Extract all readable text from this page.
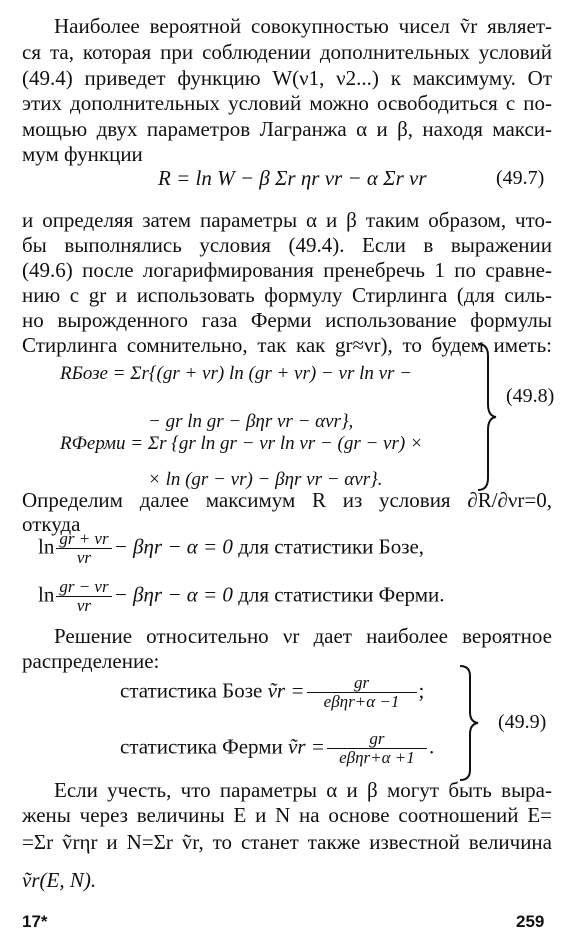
Наиболее вероятной совокупностью чисел ṽr являет-
ся та, которая при соблюдении дополнительных условий
(49.4) приведет функцию W(ν1, ν2...) к максимуму. От
этих дополнительных условий можно освободиться с по-
мощью двух параметров Лагранжа α и β, находя макси-
мум функции
R = ln W − β Σr ηr νr − α Σr νr	(49.7)
и определяя затем параметры α и β таким образом, что-
бы выполнялись условия (49.4). Если в выражении
(49.6) после логарифмирования пренебречь 1 по сравне-
нию с gr и использовать формулу Стирлинга (для силь-
но вырожденного газа Ферми использование формулы
Стирлинга сомнительно, так как gr≈νr), то будем иметь:
RБозе = Σr{(gr + νr) ln (gr + νr) − νr ln νr −
− gr ln gr − βηr νr − ανr},
RФерми = Σr {gr ln gr − νr ln νr − (gr − νr) ×
× ln (gr − νr) − βηr νr − ανr}.
(49.8)
Определим далее максимум R из условия ∂R/∂νr=0,
откуда
$\ln \frac{gr + \nu r}{\nu r} - \beta\eta r - \alpha = 0$ для статистики Бозе,
$\ln \frac{gr - \nu r}{\nu r} - \beta\eta r - \alpha = 0$ для статистики Ферми.
Решение относительно νr дает наиболее вероятное
распределение:
статистика Бозе ṽr = $\frac{gr}{\text{eβηr+α −1}}$ ;
статистика Ферми ṽr = $\frac{gr}{\text{eβηr+α +1}}$ .
(49.9)
Если учесть, что параметры α и β могут быть выра-
жены через величины E и N на основе соотношений E=
=Σr ṽrηr и N=Σr ṽr, то станет также известной величина
ṽr(E, N).
17*	259
